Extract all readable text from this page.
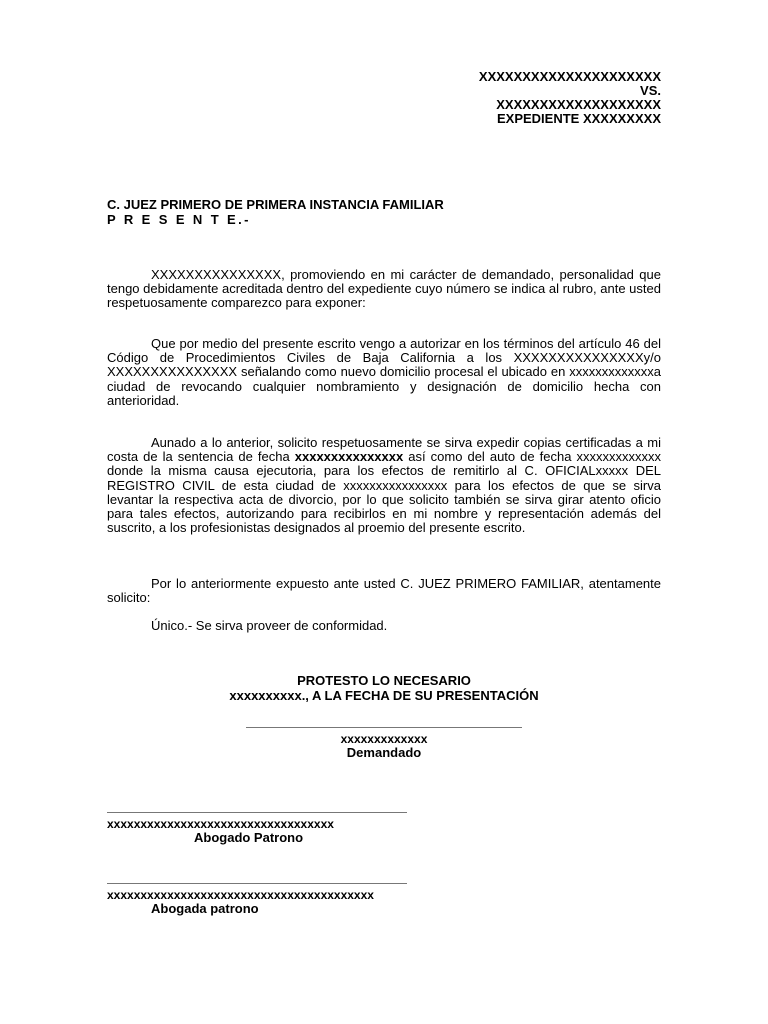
XXXXXXXXXXXXXXXXXXXXX
VS.
XXXXXXXXXXXXXXXXXXX
EXPEDIENTE XXXXXXXXX
C. JUEZ PRIMERO DE PRIMERA INSTANCIA FAMILIAR
P R E S E N T E.-

XXXXXXXXXXXXXXX, promoviendo en mi carácter de demandado, personalidad que tengo debidamente acreditada dentro del expediente cuyo número se indica al rubro, ante usted respetuosamente comparezco para exponer:

Que por medio del presente escrito vengo a autorizar en los términos del artículo 46 del Código de Procedimientos Civiles de Baja California a los XXXXXXXXXXXXXXXy/o XXXXXXXXXXXXXXX señalando como nuevo domicilio procesal el ubicado en xxxxxxxxxxxxxa ciudad de revocando cualquier nombramiento y designación de domicilio hecha con anterioridad.

Aunado a lo anterior, solicito respetuosamente se sirva expedir copias certificadas a mi costa de la sentencia de fecha xxxxxxxxxxxxxxx así como del auto de fecha xxxxxxxxxxxxx donde la misma causa ejecutoria, para los efectos de remitirlo al C. OFICIALxxxxx DEL REGISTRO CIVIL de esta ciudad de xxxxxxxxxxxxxxxx para los efectos de que se sirva levantar la respectiva acta de divorcio, por lo que solicito también se sirva girar atento oficio para tales efectos, autorizando para recibirlos en mi nombre y representación además del suscrito, a los profesionistas designados al proemio del presente escrito.

Por lo anteriormente expuesto ante usted C. JUEZ PRIMERO FAMILIAR, atentamente solicito:

Único.- Se sirva proveer de conformidad.

PROTESTO LO NECESARIO
xxxxxxxxxx., A LA FECHA DE SU PRESENTACIÓN
xxxxxxxxxxxxx
Demandado
xxxxxxxxxxxxxxxxxxxxxxxxxxxxxxxxxx
Abogado Patrono
xxxxxxxxxxxxxxxxxxxxxxxxxxxxxxxxxxxxxxxx
Abogada patrono
